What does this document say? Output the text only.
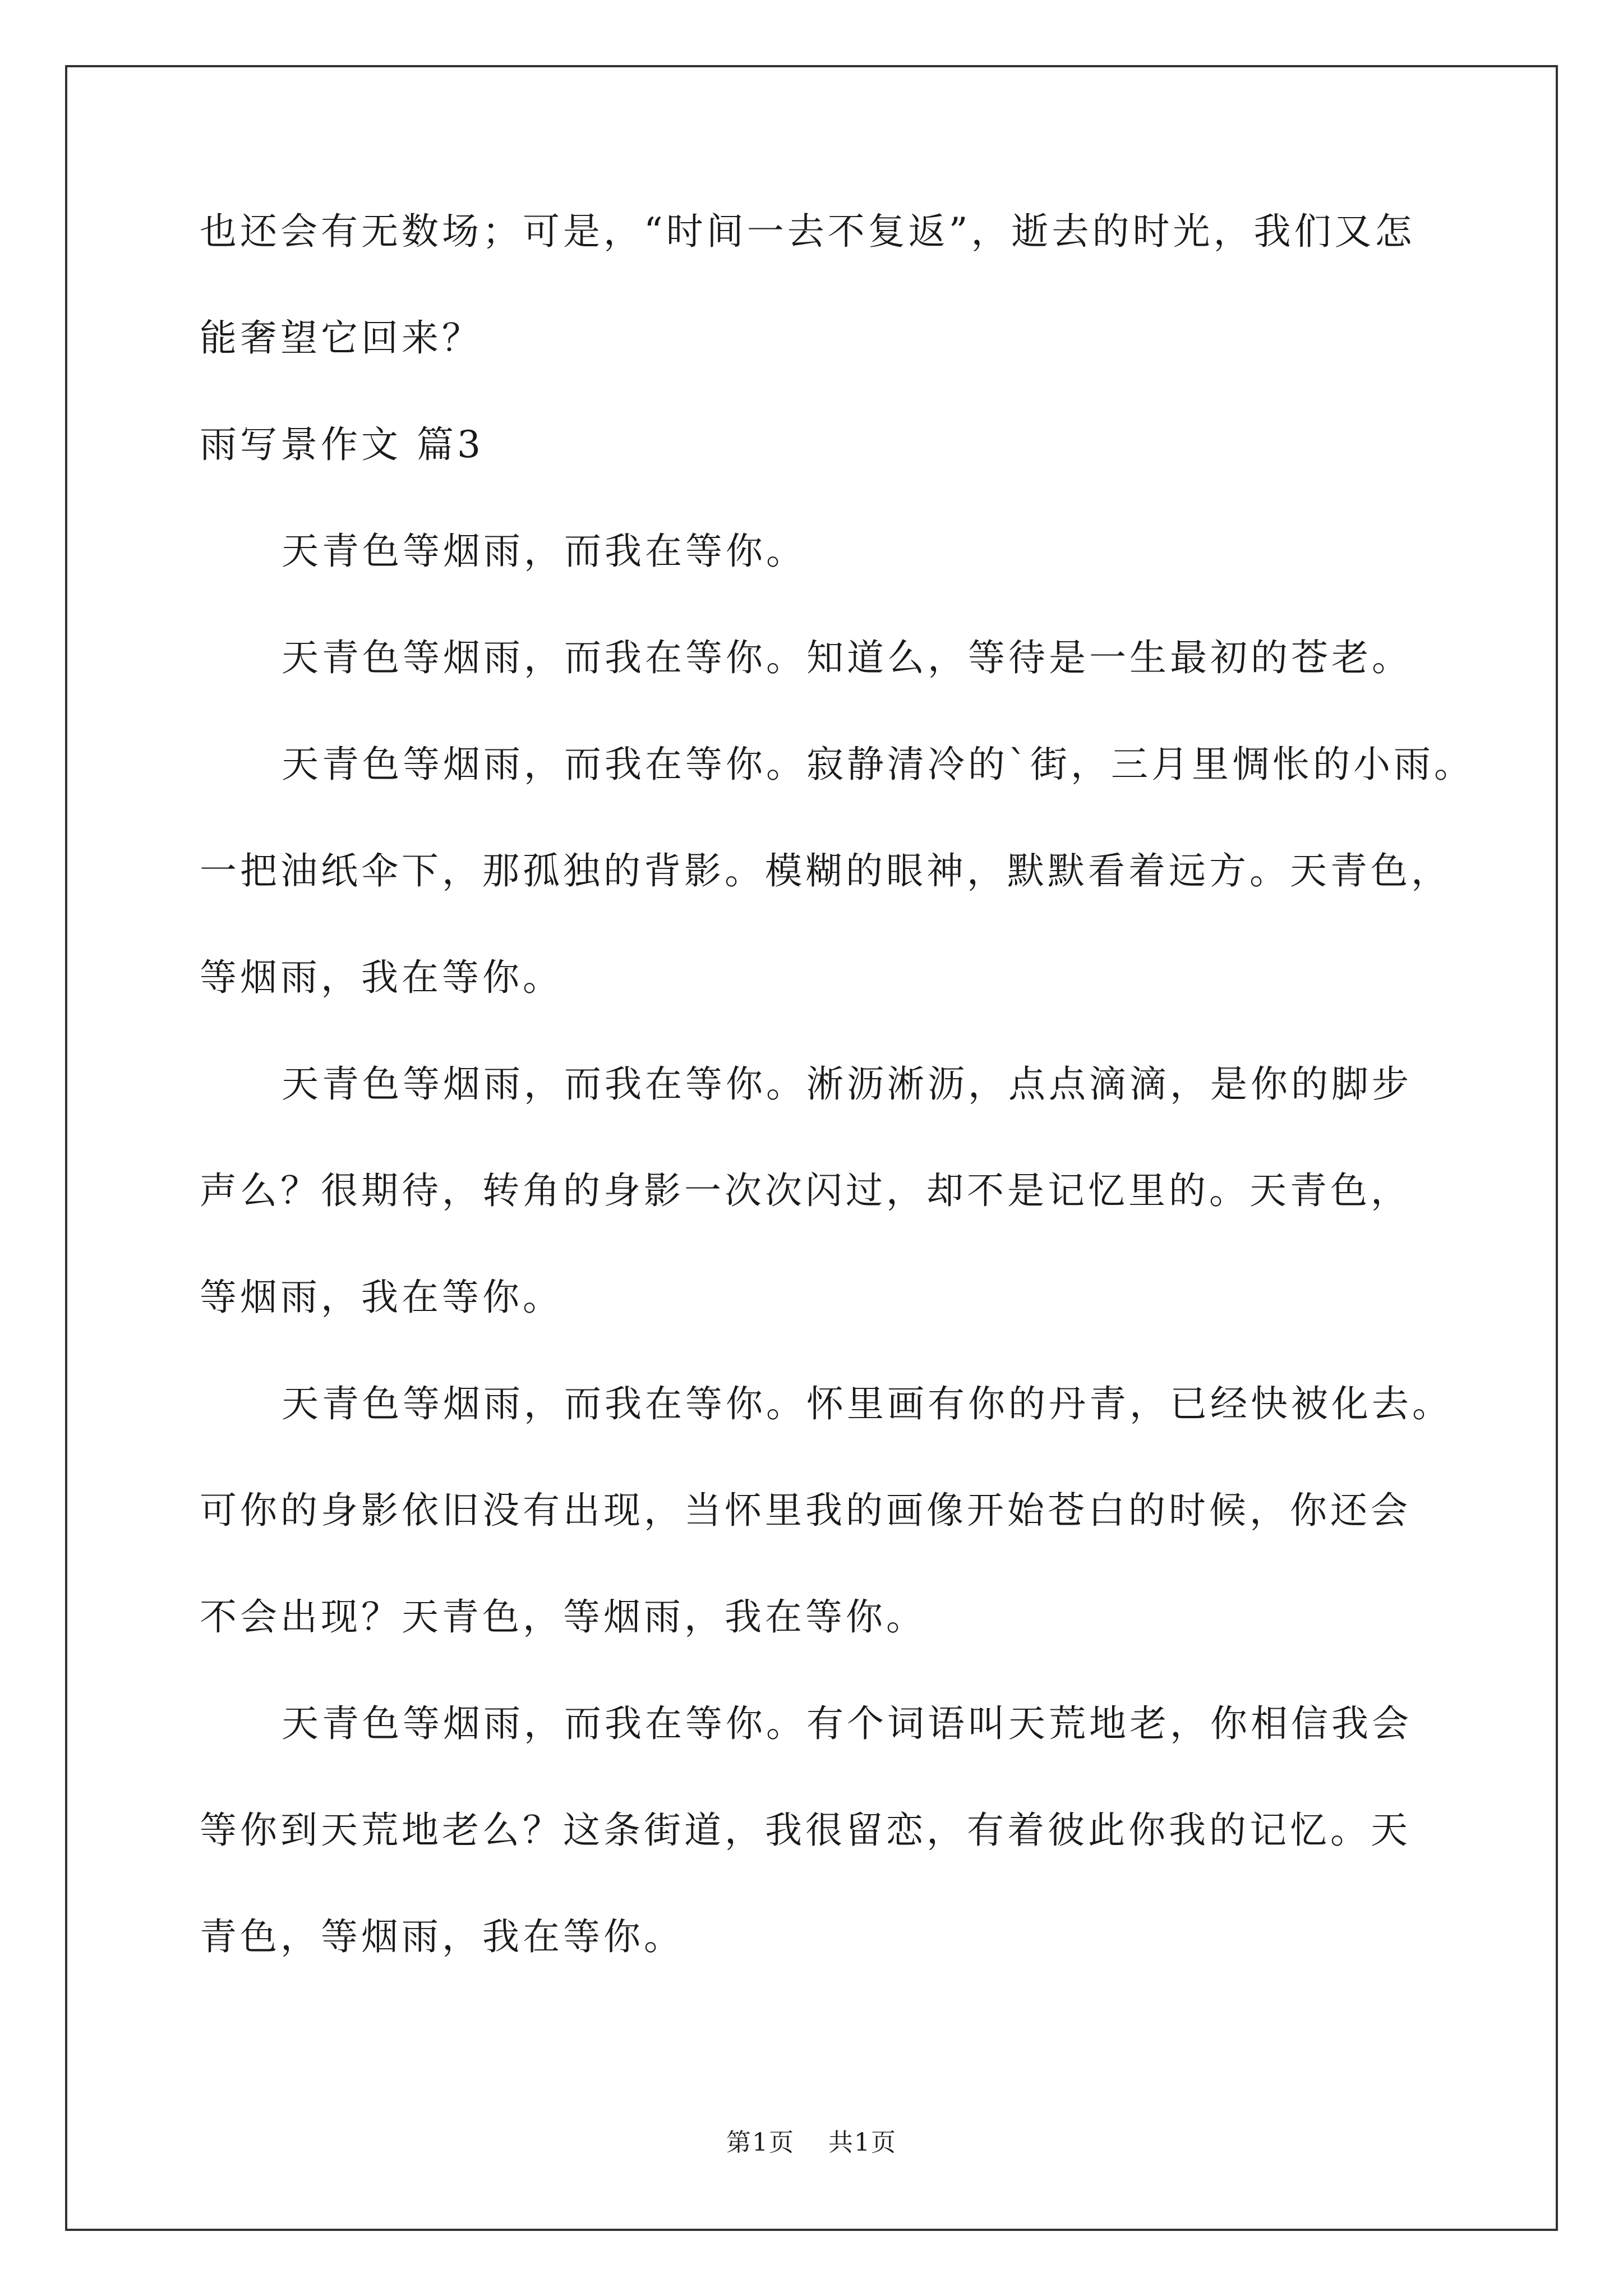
也还会有无数场；可是，“时间一去不复返”，逝去的时光，我们又怎
能奢望它回来？
雨写景作文 篇3
天青色等烟雨，而我在等你。
天青色等烟雨，而我在等你。知道么，等待是一生最初的苍老。
天青色等烟雨，而我在等你。寂静清冷的`街，三月里惆怅的小雨。
一把油纸伞下，那孤独的背影。模糊的眼神，默默看着远方。天青色，
等烟雨，我在等你。
天青色等烟雨，而我在等你。淅沥淅沥，点点滴滴，是你的脚步
声么？很期待，转角的身影一次次闪过，却不是记忆里的。天青色，
等烟雨，我在等你。
天青色等烟雨，而我在等你。怀里画有你的丹青，已经快被化去。
可你的身影依旧没有出现，当怀里我的画像开始苍白的时候，你还会
不会出现？天青色，等烟雨，我在等你。
天青色等烟雨，而我在等你。有个词语叫天荒地老，你相信我会
等你到天荒地老么？这条街道，我很留恋，有着彼此你我的记忆。天
青色，等烟雨，我在等你。
第1页 共1页
